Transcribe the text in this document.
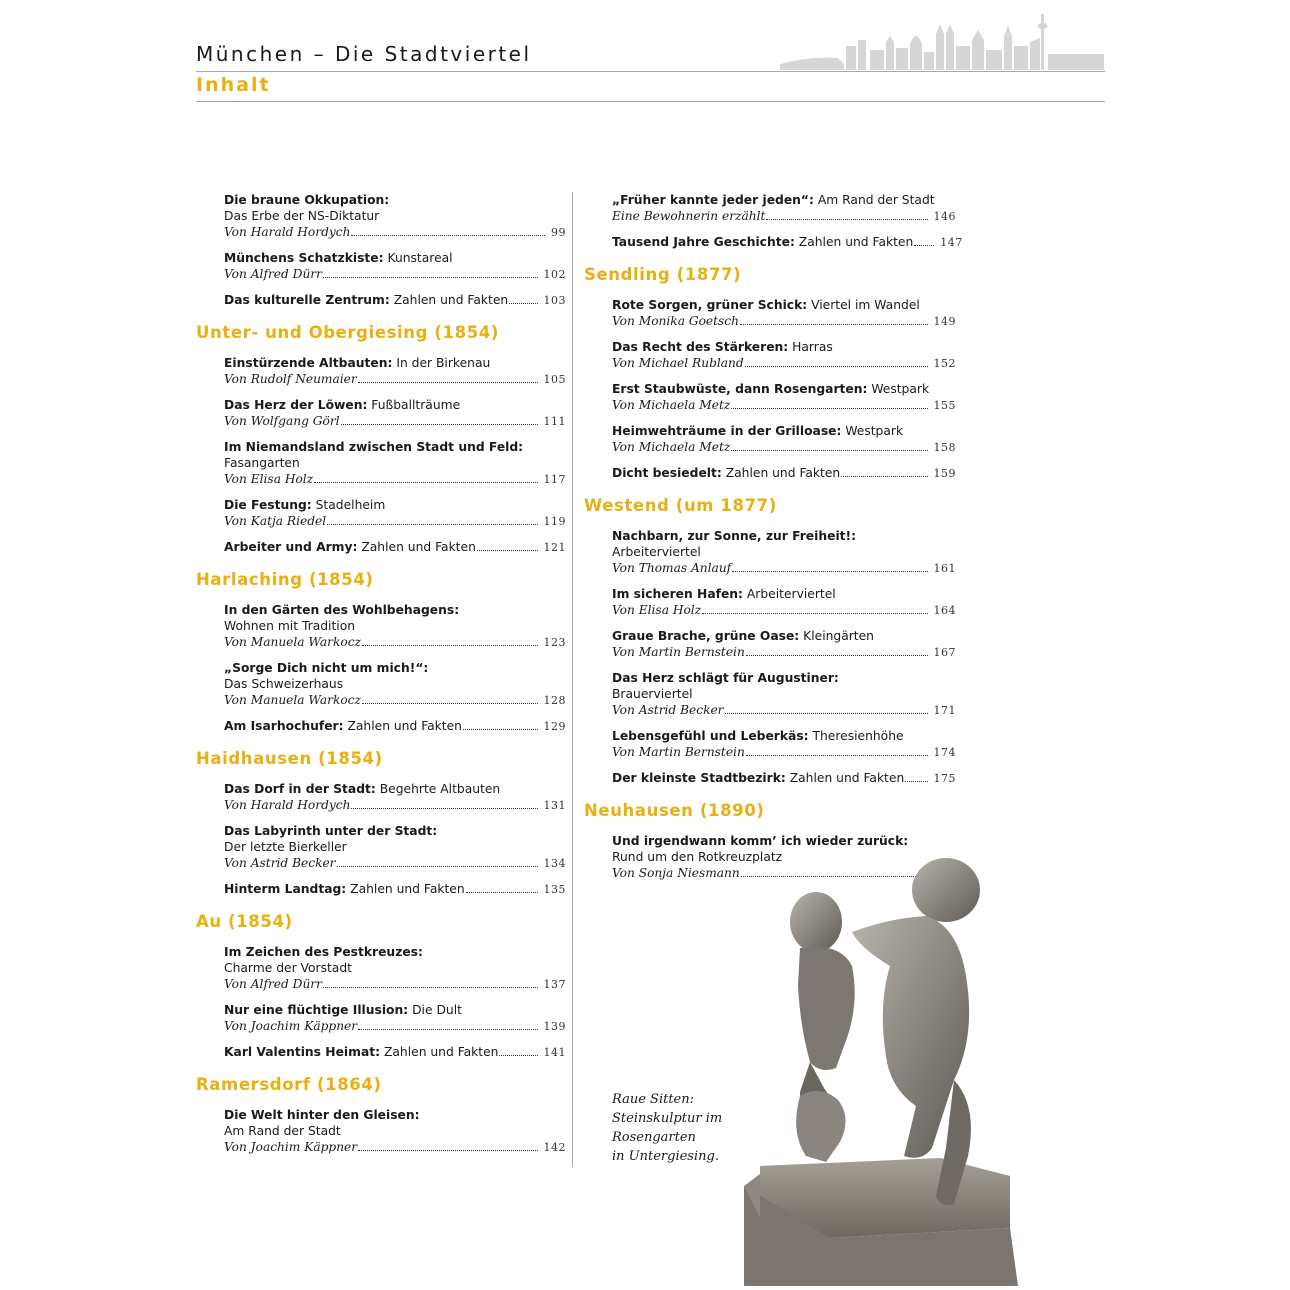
München – Die Stadtviertel
Inhalt
Die braune Okkupation:
Das Erbe der NS-Diktatur
Von Harald Hordych	99
Münchens Schatzkiste: Kunstareal
Von Alfred Dürr	102
Das kulturelle Zentrum: Zahlen und Fakten	103
Unter- und Obergiesing (1854)
Einstürzende Altbauten: In der Birkenau
Von Rudolf Neumaier	105
Das Herz der Löwen: Fußballträume
Von Wolfgang Görl	111
Im Niemandsland zwischen Stadt und Feld:
Fasangarten
Von Elisa Holz	117
Die Festung: Stadelheim
Von Katja Riedel	119
Arbeiter und Army: Zahlen und Fakten	121
Harlaching (1854)
In den Gärten des Wohlbehagens:
Wohnen mit Tradition
Von Manuela Warkocz	123
„Sorge Dich nicht um mich!“:
Das Schweizerhaus
Von Manuela Warkocz	128
Am Isarhochufer: Zahlen und Fakten	129
Haidhausen (1854)
Das Dorf in der Stadt: Begehrte Altbauten
Von Harald Hordych	131
Das Labyrinth unter der Stadt:
Der letzte Bierkeller
Von Astrid Becker	134
Hinterm Landtag: Zahlen und Fakten	135
Au (1854)
Im Zeichen des Pestkreuzes:
Charme der Vorstadt
Von Alfred Dürr	137
Nur eine flüchtige Illusion: Die Dult
Von Joachim Käppner	139
Karl Valentins Heimat: Zahlen und Fakten	141
Ramersdorf (1864)
Die Welt hinter den Gleisen:
Am Rand der Stadt
Von Joachim Käppner	142
„Früher kannte jeder jeden“: Am Rand der Stadt
Eine Bewohnerin erzählt	146
Tausend Jahre Geschichte: Zahlen und Fakten 147
Sendling (1877)
Rote Sorgen, grüner Schick: Viertel im Wandel
Von Monika Goetsch	149
Das Recht des Stärkeren: Harras
Von Michael Rubland	152
Erst Staubwüste, dann Rosengarten: Westpark
Von Michaela Metz	155
Heimwehträume in der Grilloase: Westpark
Von Michaela Metz	158
Dicht besiedelt: Zahlen und Fakten	159
Westend (um 1877)
Nachbarn, zur Sonne, zur Freiheit!:
Arbeiterviertel
Von Thomas Anlauf	161
Im sicheren Hafen: Arbeiterviertel
Von Elisa Holz	164
Graue Brache, grüne Oase: Kleingärten
Von Martin Bernstein	167
Das Herz schlägt für Augustiner:
Brauerviertel
Von Astrid Becker	171
Lebensgefühl und Leberkäs: Theresienhöhe
Von Martin Bernstein	174
Der kleinste Stadtbezirk: Zahlen und Fakten	175
Neuhausen (1890)
Und irgendwann komm’ ich wieder zurück:
Rund um den Rotkreuzplatz
Von Sonja Niesmann
Raue Sitten:
Steinskulptur im
Rosengarten
in Untergiesing.
